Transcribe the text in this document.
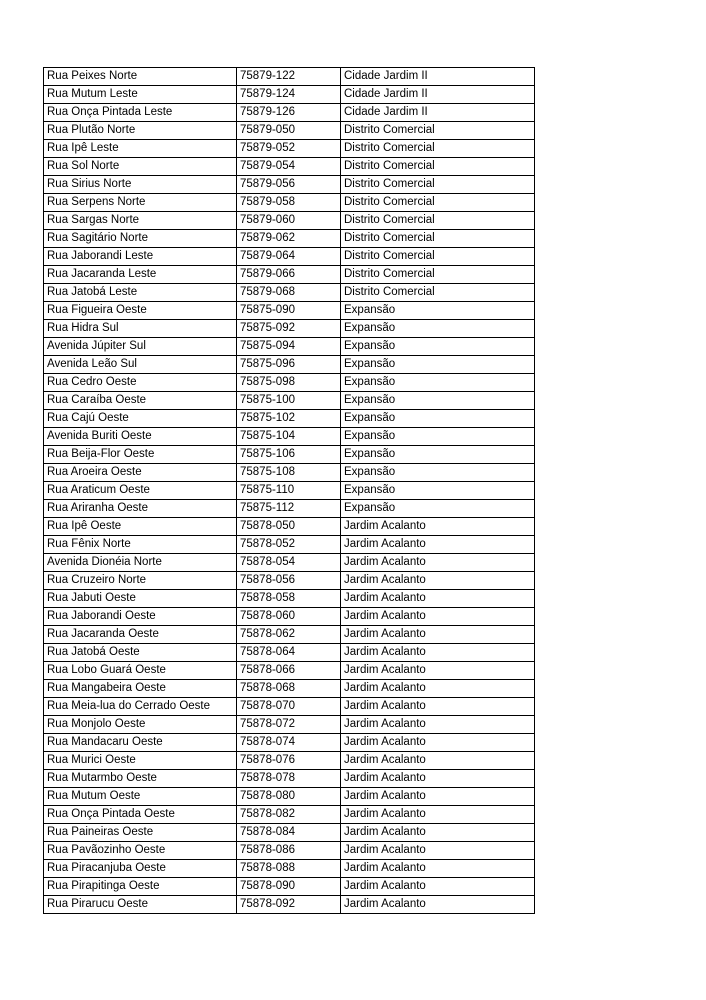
Rua Peixes Norte	75879-122	Cidade Jardim II
Rua Mutum Leste	75879-124	Cidade Jardim II
Rua Onça Pintada Leste	75879-126	Cidade Jardim II
Rua Plutão Norte	75879-050	Distrito Comercial
Rua Ipê Leste	75879-052	Distrito Comercial
Rua Sol Norte	75879-054	Distrito Comercial
Rua Sirius Norte	75879-056	Distrito Comercial
Rua Serpens Norte	75879-058	Distrito Comercial
Rua Sargas Norte	75879-060	Distrito Comercial
Rua Sagitário Norte	75879-062	Distrito Comercial
Rua Jaborandi Leste	75879-064	Distrito Comercial
Rua Jacaranda Leste	75879-066	Distrito Comercial
Rua Jatobá Leste	75879-068	Distrito Comercial
Rua Figueira Oeste	75875-090	Expansão
Rua Hidra Sul	75875-092	Expansão
Avenida Júpiter Sul	75875-094	Expansão
Avenida Leão Sul	75875-096	Expansão
Rua Cedro Oeste	75875-098	Expansão
Rua Caraíba Oeste	75875-100	Expansão
Rua Cajú Oeste	75875-102	Expansão
Avenida Buriti Oeste	75875-104	Expansão
Rua Beija-Flor Oeste	75875-106	Expansão
Rua Aroeira Oeste	75875-108	Expansão
Rua Araticum Oeste	75875-110	Expansão
Rua Ariranha Oeste	75875-112	Expansão
Rua Ipê Oeste	75878-050	Jardim Acalanto
Rua Fênix Norte	75878-052	Jardim Acalanto
Avenida Dionéia Norte	75878-054	Jardim Acalanto
Rua Cruzeiro Norte	75878-056	Jardim Acalanto
Rua Jabuti Oeste	75878-058	Jardim Acalanto
Rua Jaborandi Oeste	75878-060	Jardim Acalanto
Rua Jacaranda Oeste	75878-062	Jardim Acalanto
Rua Jatobá Oeste	75878-064	Jardim Acalanto
Rua Lobo Guará Oeste	75878-066	Jardim Acalanto
Rua Mangabeira Oeste	75878-068	Jardim Acalanto
Rua Meia-lua do Cerrado Oeste	75878-070	Jardim Acalanto
Rua Monjolo Oeste	75878-072	Jardim Acalanto
Rua Mandacaru Oeste	75878-074	Jardim Acalanto
Rua Murici Oeste	75878-076	Jardim Acalanto
Rua Mutarmbo Oeste	75878-078	Jardim Acalanto
Rua Mutum Oeste	75878-080	Jardim Acalanto
Rua Onça Pintada Oeste	75878-082	Jardim Acalanto
Rua Paineiras Oeste	75878-084	Jardim Acalanto
Rua Pavãozinho Oeste	75878-086	Jardim Acalanto
Rua Piracanjuba Oeste	75878-088	Jardim Acalanto
Rua Pirapitinga Oeste	75878-090	Jardim Acalanto
Rua Pirarucu Oeste	75878-092	Jardim Acalanto
